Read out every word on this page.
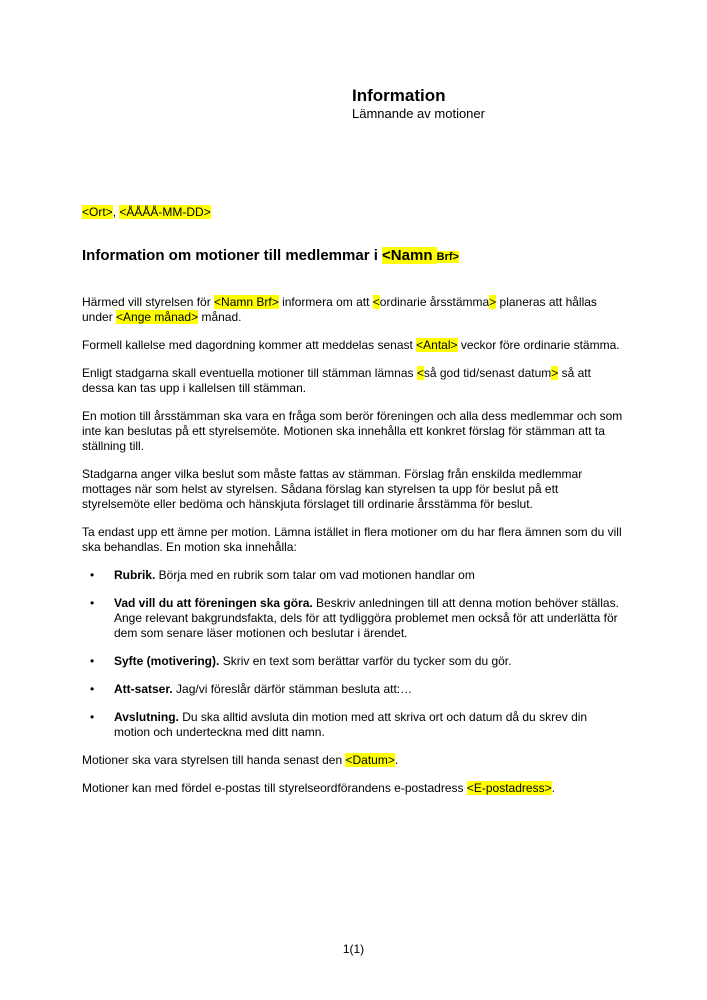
Information
Lämnande av motioner

<Ort>, <ÅÅÅÅ-MM-DD>

Information om motioner till medlemmar i <Namn Brf>

Härmed vill styrelsen för <Namn Brf> informera om att <ordinarie årsstämma> planeras att hållas under <Ange månad> månad.

Formell kallelse med dagordning kommer att meddelas senast <Antal> veckor före ordinarie stämma.

Enligt stadgarna skall eventuella motioner till stämman lämnas <så god tid/senast datum> så att dessa kan tas upp i kallelsen till stämman.

En motion till årsstämman ska vara en fråga som berör föreningen och alla dess medlemmar och som inte kan beslutas på ett styrelsemöte. Motionen ska innehålla ett konkret förslag för stämman att ta ställning till.

Stadgarna anger vilka beslut som måste fattas av stämman. Förslag från enskilda medlemmar mottages när som helst av styrelsen. Sådana förslag kan styrelsen ta upp för beslut på ett styrelsemöte eller bedöma och hänskjuta förslaget till ordinarie årsstämma för beslut.

Ta endast upp ett ämne per motion. Lämna istället in flera motioner om du har flera ämnen som du vill ska behandlas. En motion ska innehålla:

• Rubrik. Börja med en rubrik som talar om vad motionen handlar om
• Vad vill du att föreningen ska göra. Beskriv anledningen till att denna motion behöver ställas. Ange relevant bakgrundsfakta, dels för att tydliggöra problemet men också för att underlätta för dem som senare läser motionen och beslutar i ärendet.
• Syfte (motivering). Skriv en text som berättar varför du tycker som du gör.
• Att-satser. Jag/vi föreslår därför stämman besluta att:…
• Avslutning. Du ska alltid avsluta din motion med att skriva ort och datum då du skrev din motion och underteckna med ditt namn.

Motioner ska vara styrelsen till handa senast den <Datum>.

Motioner kan med fördel e-postas till styrelseordförandens e-postadress <E-postadress>.

1(1)
